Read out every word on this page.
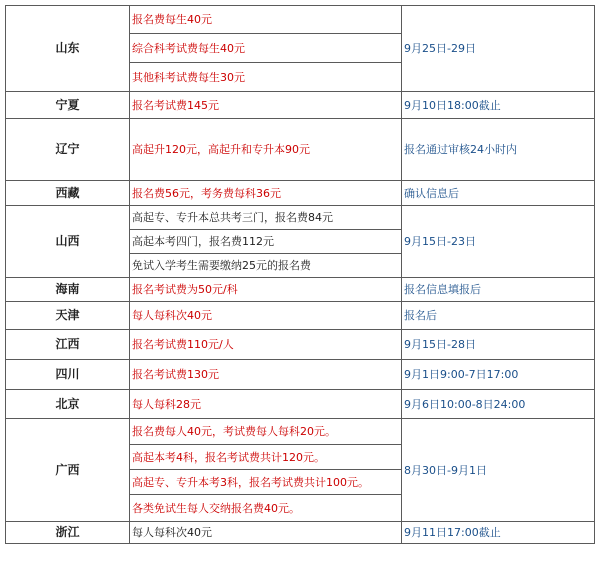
山东	报名费每生40元	9月25日-29日
	综合科考试费每生40元	
	其他科考试费每生30元	
宁夏	报名考试费145元	9月10日18:00截止
辽宁	高起升120元，高起升和专升本90元	报名通过审核24小时内
西藏	报名费56元，考务费每科36元	确认信息后
山西	高起专、专升本总共考三门，报名费84元	9月15日-23日
	高起本考四门，报名费112元	
	免试入学考生需要缴纳25元的报名费	
海南	报名考试费为50元/科	报名信息填报后
天津	每人每科次40元	报名后
江西	报名考试费110元/人	9月15日-28日
四川	报名考试费130元	9月1日9:00-7日17:00
北京	每人每科28元	9月6日10:00-8日24:00
广西	报名费每人40元，考试费每人每科20元。	8月30日-9月1日
	高起本考4科，报名考试费共计120元。	
	高起专、专升本考3科，报名考试费共计100元。	
	各类免试生每人交纳报名费40元。	
浙江	每人每科次40元	9月11日17:00截止
